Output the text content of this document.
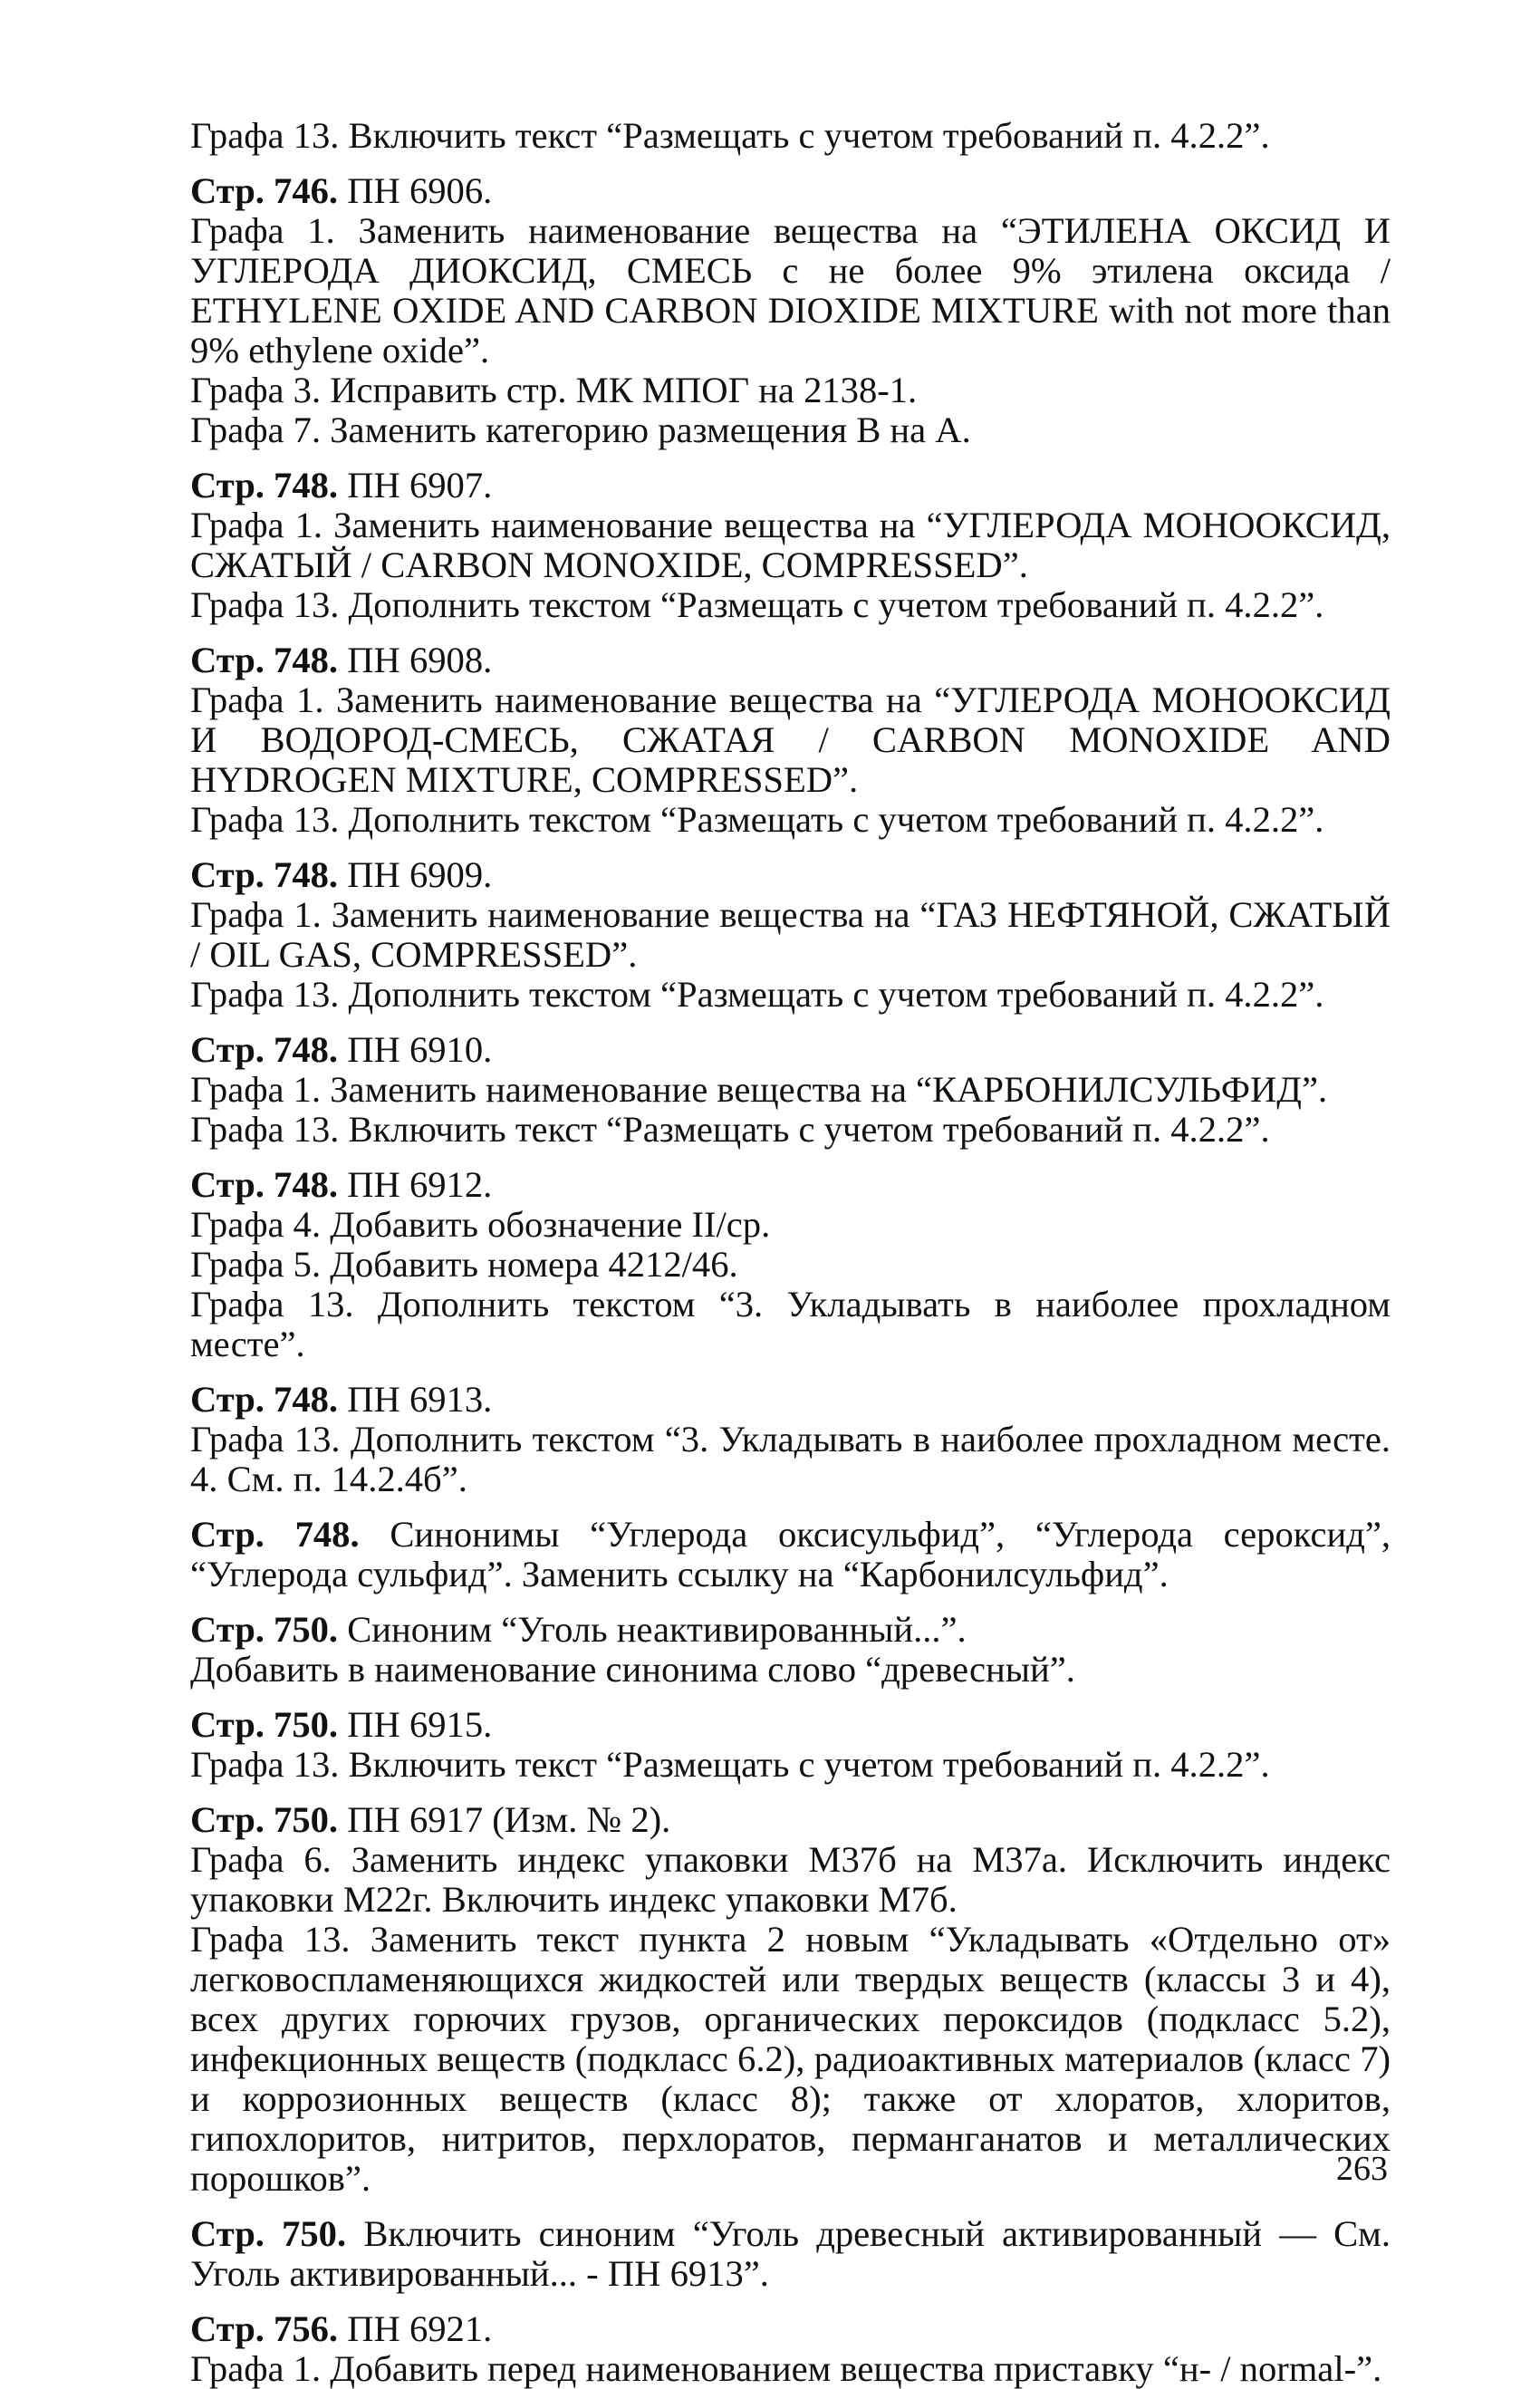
Графа 13. Включить текст “Размещать с учетом требований п. 4.2.2”.

Стр. 746. ПН 6906.

Графа 1. Заменить наименование вещества на “ЭТИЛЕНА ОКСИД И УГЛЕРОДА ДИОКСИД, СМЕСЬ с не более 9% этилена оксида / ETHYLENE OXIDE AND CARBON DIOXIDE MIXTURE with not more than 9% ethylene oxide”.

Графа 3. Исправить стр. МК МПОГ на 2138-1.

Графа 7. Заменить категорию размещения В на А.

Стр. 748. ПН 6907.

Графа 1. Заменить наименование вещества на “УГЛЕРОДА МОНООКСИД, СЖАТЫЙ / CARBON MONOXIDE, COMPRESSED”.

Графа 13. Дополнить текстом “Размещать с учетом требований п. 4.2.2”.

Стр. 748. ПН 6908.

Графа 1. Заменить наименование вещества на “УГЛЕРОДА МОНООКСИД И ВОДОРОД-СМЕСЬ, СЖАТАЯ / CARBON MONOXIDE AND HYDROGEN MIXTURE, COMPRESSED”.

Графа 13. Дополнить текстом “Размещать с учетом требований п. 4.2.2”.

Стр. 748. ПН 6909.

Графа 1. Заменить наименование вещества на “ГАЗ НЕФТЯНОЙ, СЖАТЫЙ / OIL GAS, COMPRESSED”.

Графа 13. Дополнить текстом “Размещать с учетом требований п. 4.2.2”.

Стр. 748. ПН 6910.

Графа 1. Заменить наименование вещества на “КАРБОНИЛСУЛЬФИД”.

Графа 13. Включить текст “Размещать с учетом требований п. 4.2.2”.

Стр. 748. ПН 6912.

Графа 4. Добавить обозначение II/ср.

Графа 5. Добавить номера 4212/46.

Графа 13. Дополнить текстом “3. Укладывать в наиболее прохладном месте”.

Стр. 748. ПН 6913.

Графа 13. Дополнить текстом “3. Укладывать в наиболее прохладном месте. 4. См. п. 14.2.4б”.

Стр. 748. Синонимы “Углерода оксисульфид”, “Углерода сероксид”, “Углерода сульфид”. Заменить ссылку на “Карбонилсульфид”.

Стр. 750. Синоним “Уголь неактивированный...”.

Добавить в наименование синонима слово “древесный”.

Стр. 750. ПН 6915.

Графа 13. Включить текст “Размещать с учетом требований п. 4.2.2”.

Стр. 750. ПН 6917 (Изм. № 2).

Графа 6. Заменить индекс упаковки М37б на М37а. Исключить индекс упаковки М22г. Включить индекс упаковки М7б.

Графа 13. Заменить текст пункта 2 новым “Укладывать «Отдельно от» легковоспламеняющихся жидкостей или твердых веществ (классы 3 и 4), всех других горючих грузов, органических пероксидов (подкласс 5.2), инфекционных веществ (подкласс 6.2), радиоактивных материалов (класс 7) и коррозионных веществ (класс 8); также от хлоратов, хлоритов, гипохлоритов, нитритов, перхлоратов, перманганатов и металлических порошков”.

Стр. 750. Включить синоним “Уголь древесный активированный — См. Уголь активированный... - ПН 6913”.

Стр. 756. ПН 6921.

Графа 1. Добавить перед наименованием вещества приставку “н- / normal-”.

263
